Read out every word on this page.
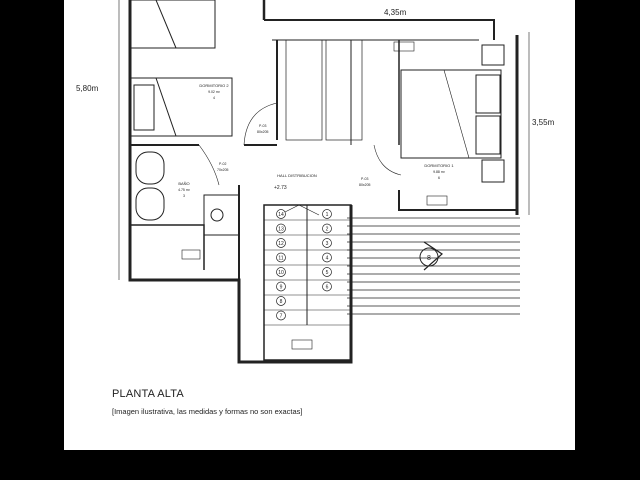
14
13
12
11
10
9
8
7
1
2
3
4
5
6
DORMITORIO 2
9.02 m²
4
DORMITORIO 1
9.88 m²
6
BAÑO
4.75 m²
3
HALL DISTRIBUCION
+2.73
P-03
80x205
P-02
70x205
P-03
80x205
8
4,35m
5,80m
3,55m
PLANTA ALTA
[Imagen ilustrativa, las medidas y formas no son exactas]
